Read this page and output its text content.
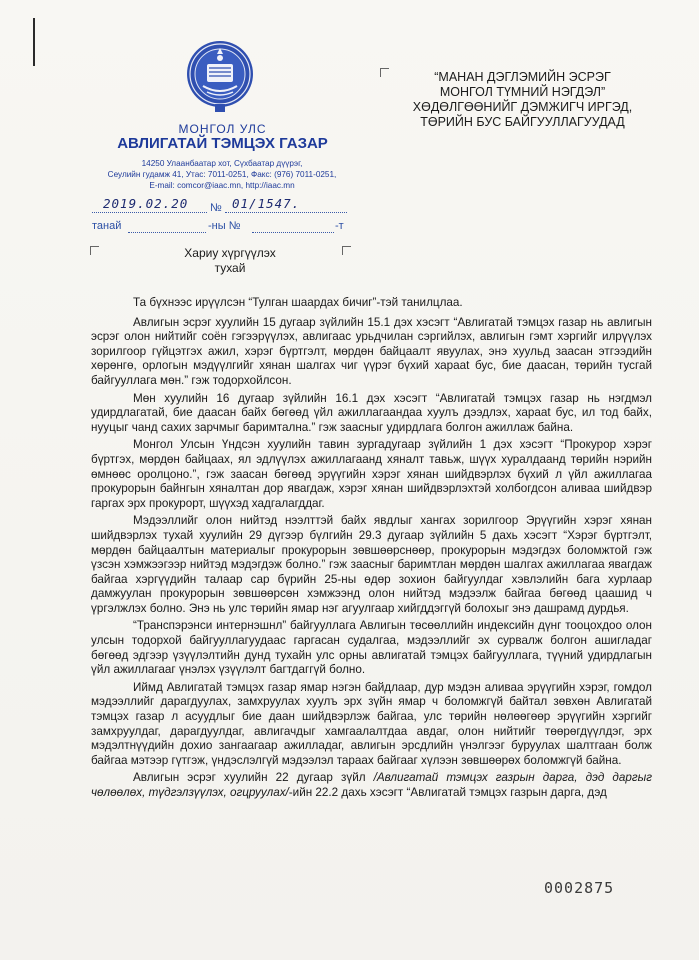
МОНГОЛ УЛС
АВЛИГАТАЙ ТЭМЦЭХ ГАЗАР
14250 Улаанбаатар хот, Сүхбаатар дүүрэг,
Сеулийн гудамж 41, Утас: 7011-0251, Факс: (976) 7011-0251,
E-mail: comcor@iaac.mn, http://iaac.mn
“МАНАН ДЭГЛЭМИЙН ЭСРЭГ
МОНГОЛ ТҮМНИЙ НЭГДЭЛ”
ХӨДӨЛГӨӨНИЙГ ДЭМЖИГЧ ИРГЭД,
ТӨРИЙН БУС БАЙГУУЛЛАГУУДАД
2019.02.20 № 01/1547.
танай	-ны №	-т
Хариу хүргүүлэх
тухай

Та бүхнээс ирүүлсэн “Тулган шаардах бичиг”-тэй танилцлаа.

Авлигын эсрэг хуулийн 15 дугаар зүйлийн 15.1 дэх хэсэгт “Авлигатай тэмцэх газар нь авлигын эсрэг олон нийтийг соён гэгээрүүлэх, авлигаас урьдчилан сэргийлэх, авлигын гэмт хэргийг илрүүлэх зорилгоор гүйцэтгэх ажил, хэрэг бүртгэлт, мөрдөн байцаалт явуулах, энэ хуульд заасан этгээдийн хөрөнгө, орлогын мэдүүлгийг хянан шалгах чиг үүрэг бүхий харааt бус, бие даасан, төрийн тусгай байгууллага мөн.” гэж тодорхойлсон.

Мөн хуулийн 16 дугаар зүйлийн 16.1 дэх хэсэгт “Авлигатай тэмцэх газар нь нэгдмэл удирдлагатай, бие даасан байх бөгөөд үйл ажиллагаандаа хуулъ дээдлэх, харааt бус, ил тод байх, нууцыг чанд сахих зарчмыг баримтална.” гэж заасныг удирдлага болгон ажиллаж байна.

Монгол Улсын Үндсэн хуулийн тавин зургадугаар зүйлийн 1 дэх хэсэгт “Прокурор хэрэг бүртгэх, мөрдөн байцаах, ял эдлүүлэх ажиллагаанд хяналт тавьж, шүүх хуралдаанд төрийн нэрийн өмнөөс оролцоно.”, гэж заасан бөгөөд эрүүгийн хэрэг хянан шийдвэрлэх бүхий л үйл ажиллагаа прокурорын байнгын хяналтан дор явагдаж, хэрэг хянан шийдвэрлэхтэй холбогдсон аливаа шийдвэр гаргах эрх прокурорт, шүүхэд хадгалагддаг.

Мэдээллийг олон нийтэд нээлттэй байх явдлыг хангах зорилгоор Эрүүгийн хэрэг хянан шийдвэрлэх тухай хуулийн 29 дүгээр бүлгийн 29.3 дугаар зүйлийн 5 дахь хэсэгт “Хэрэг бүртгэлт, мөрдөн байцаалтын материалыг прокурорын зөвшөөрснөөр, прокурорын мэдэгдэх боломжтой гэж үзсэн хэмжээгээр нийтэд мэдэгдэж болно.” гэж заасныг баримтлан мөрдөн шалгах ажиллагаа явагдаж байгаа хэргүүдийн талаар сар бүрийн 25-ны өдөр зохион байгуулдаг хэвлэлийн бага хурлаар дамжуулан прокурорын зөвшөөрсөн хэмжээнд олон нийтэд мэдээлж байгаа бөгөөд цаашид ч үргэлжлэх болно. Энэ нь улс төрийн ямар нэг агуулгаар хийгддэггүй болохыг энэ дашрамд дурдья.

“Транспэрэнси интернэшнл” байгууллага Авлигын төсөөллийн индексийн дүнг тооцохдоо олон улсын тодорхой байгууллагуудаас гаргасан судалгаа, мэдээллийг эх сурвалж болгон ашигладаг бөгөөд эдгээр үзүүлэлтийн дунд тухайн улс орны авлигатай тэмцэх байгууллага, түүний удирдлагын үйл ажиллагааг үнэлэх үзүүлэлт багтдаггүй болно.

Иймд Авлигатай тэмцэх газар ямар нэгэн байдлаар, дур мэдэн аливаа эрүүгийн хэрэг, гомдол мэдээллийг дарагдуулах, замхруулах хуулъ эрх зүйн ямар ч боломжгүй байтал зөвхөн Авлигатай тэмцэх газар л асуудлыг бие даан шийдвэрлэж байгаа, улс төрийн нөлөөгөөр эрүүгийн хэргийг замхруулдаг, дарагдуулдаг, авлигачдыг хамгаалалтдаа авдаг, олон нийтийг төөрөгдүүлдэг, эрх мэдэлтнүүдийн дохио зангаагаар ажилладаг, авлигын эрсдлийн үнэлгээг буруулах шалтгаан болж байгаа мэтээр гүтгэж, үндэслэлгүй мэдээлэл тараах байгааг хүлээн зөвшөөрөх боломжгүй байна.

Авлигын эсрэг хуулийн 22 дугаар зүйл /Авлигатай тэмцэх газрын дарга, дэд даргыг чөлөөлөх, түдгэлзүүлэх, огцруулах/-ийн 22.2 дахь хэсэгт “Авлигатай тэмцэх газрын дарга, дэд

0002875
